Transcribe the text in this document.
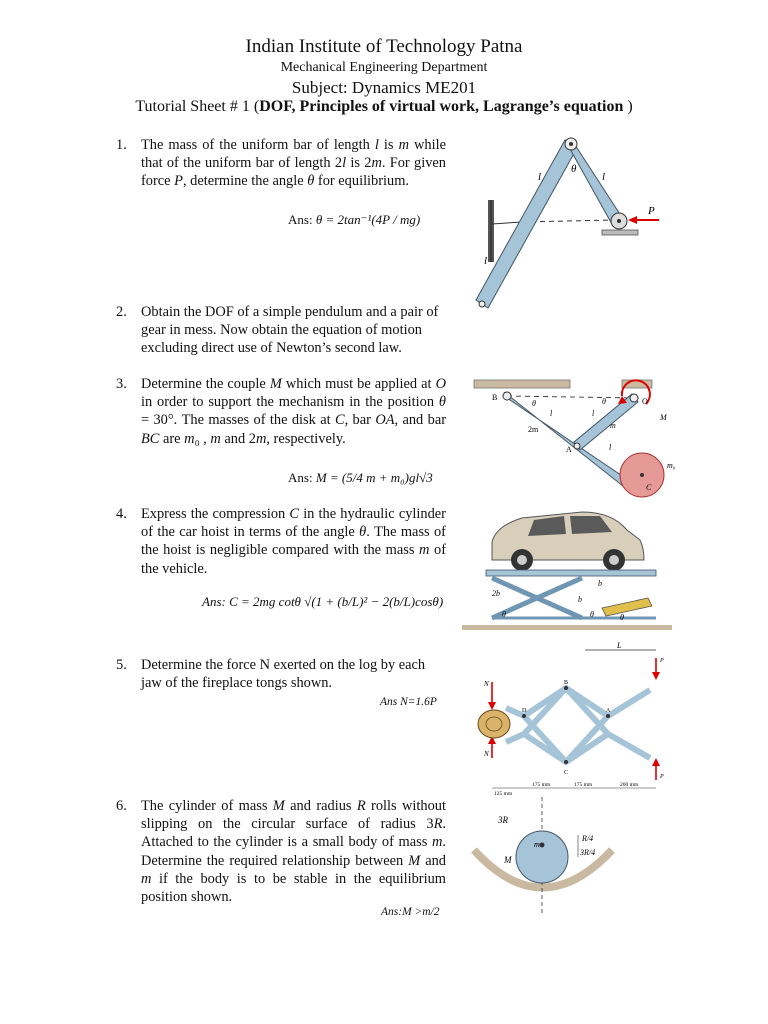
Indian Institute of Technology Patna
Mechanical Engineering Department
Subject: Dynamics ME201
Tutorial Sheet # 1 (DOF, Principles of virtual work, Lagrange’s equation )
1. The mass of the uniform bar of length l is m while that of the uniform bar of length 2l is 2m. For given force P, determine the angle θ for equilibrium.
Ans: θ = 2tan⁻¹(4P / mg)
2. Obtain the DOF of a simple pendulum and a pair of gear in mess. Now obtain the equation of motion excluding direct use of Newton’s second law.
3. Determine the couple M which must be applied at O in order to support the mechanism in the position θ = 30°. The masses of the disk at C, bar OA, and bar BC are m₀ , m and 2m, respectively.
Ans: M = (5/4 m + m₀)gl√3
4. Express the compression C in the hydraulic cylinder of the car hoist in terms of the angle θ. The mass of the hoist is negligible compared with the mass m of the vehicle.
Ans: C = 2mg cotθ √(1 + (b/L)² − 2(b/L)cosθ)
5. Determine the force N exerted on the log by each jaw of the fireplace tongs shown.
Ans N=1.6P
6. The cylinder of mass M and radius R rolls without slipping on the circular surface of radius 3R. Attached to the cylinder is a small body of mass m. Determine the required relationship between M and m if the body is to be stable in the equilibrium position shown.
Ans:M >m/2
θ
l	l
l
P
B	O
θ
θ
l	l
l
2m	m
A
M
m₀
C
2b
b
b
θ	θ	θ
L
N
N
D
B
A
C
P
P
125 mm
175 mm	175 mm	200 mm
3R
m
R/4
3R/4
M
